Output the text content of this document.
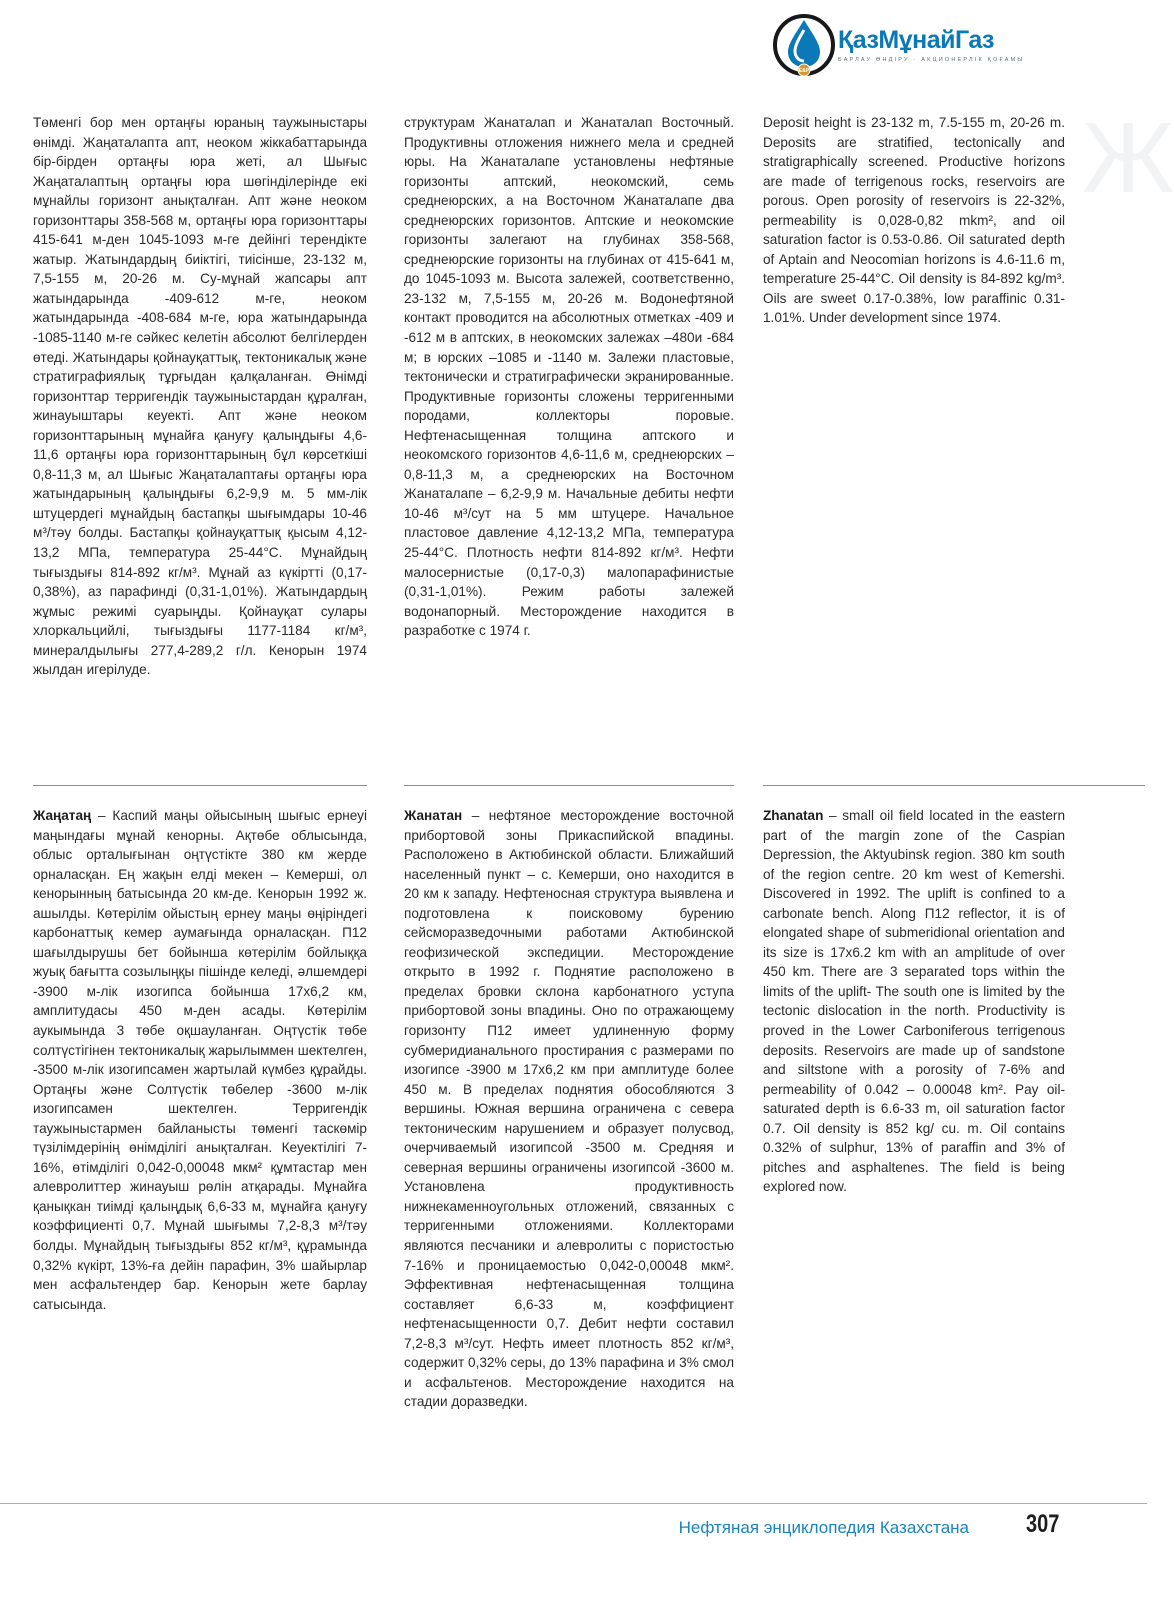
E&P
ҚазМұнайГаз
БАРЛАУ ӨНДІРУ · АКЦИОНЕРЛІК ҚОҒАМЫ
Ж

Төменгі бор мен ортаңғы юраның таужыныстары өнімді. Жаңаталапта апт, неоком жіккабаттарында бір-бірден ортаңғы юра жеті, ал Шығыс Жаңаталаптың ортаңғы юра шөгінділерінде екі мұнайлы горизонт анықталған. Апт және неоком горизонттары 358-568 м, ортаңғы юра горизонттары 415-641 м-ден 1045-1093 м-ге дейінгі терендікте жатыр. Жатындардың биіктігі, тиісінше, 23-132 м, 7,5-155 м, 20-26 м. Су-мұнай жапсары апт жатындарында -409-612 м-ге, неоком жатындарында -408-684 м-ге, юра жатындарында -1085-1140 м-ге сәйкес келетін абсолют белгілерден өтеді. Жатындары қойнауқаттық, тектоникалық және стратиграфиялық тұрғыдан қалқаланған. Өнімді горизонттар терригендік таужыныстардан құралған, жинауыштары кеуекті. Апт және неоком горизонттарының мұнайға қануғу қалыңдығы 4,6-11,6 ортаңғы юра горизонттарының бұл көрсеткіші 0,8-11,3 м, ал Шығыс Жаңаталаптағы ортаңғы юра жатындарының қалыңдығы 6,2-9,9 м. 5 мм-лік штуцердегі мұнайдың бастапқы шығымдары 10-46 м³/тәу болды. Бастапқы қойнауқаттық қысым 4,12-13,2 МПа, температура 25-44°С. Мұнайдың тығыздығы 814-892 кг/м³. Мұнай аз күкіртті (0,17-0,38%), аз парафинді (0,31-1,01%). Жатындардың жұмыс режимі суарыңды. Қойнауқат сулары хлоркальцийлі, тығыздығы 1177-1184 кг/м³, минералдылығы 277,4-289,2 г/л. Кенорын 1974 жылдан игерілуде.

структурам Жанаталап и Жанаталап Восточный. Продуктивны отложения нижнего мела и средней юры. На Жанаталапе установлены нефтяные горизонты аптский, неокомский, семь среднеюрских, а на Восточном Жанаталапе два среднеюрских горизонтов. Аптские и неокомские горизонты залегают на глубинах 358-568, среднеюрские горизонты на глубинах от 415-641 м, до 1045-1093 м. Высота залежей, соответственно, 23-132 м, 7,5-155 м, 20-26 м. Водонефтяной контакт проводится на абсолютных отметках -409 и -612 м в аптских, в неокомских залежах –480и -684 м; в юрских –1085 и -1140 м. Залежи пластовые, тектонически и стратиграфически экранированные. Продуктивные горизонты сложены терригенными породами, коллекторы поровые. Нефтенасыщенная толщина аптского и неокомского горизонтов 4,6-11,6 м, среднеюрских – 0,8-11,3 м, а среднеюрских на Восточном Жанаталапе – 6,2-9,9 м. Начальные дебиты нефти 10-46 м³/сут на 5 мм штуцере. Начальное пластовое давление 4,12-13,2 МПа, температура 25-44°С. Плотность нефти 814-892 кг/м³. Нефти малосернистые (0,17-0,3) малопарафинистые (0,31-1,01%). Режим работы залежей водонапорный. Месторождение находится в разработке с 1974 г.

Deposit height is 23-132 m, 7.5-155 m, 20-26 m. Deposits are stratified, tectonically and stratigraphically screened. Productive horizons are made of terrigenous rocks, reservoirs are porous. Open porosity of reservoirs is 22-32%, permeability is 0,028-0,82 mkm², and oil saturation factor is 0.53-0.86. Oil saturated depth of Aptain and Neocomian horizons is 4.6-11.6 m, temperature 25-44°C. Oil density is 84-892 kg/m³. Oils are sweet 0.17-0.38%, low paraffinic 0.31-1.01%. Under development since 1974.

Жаңатаң – Каспий маңы ойысының шығыс ернеуі маңындағы мұнай кенорны. Ақтөбе облысында, облыс орталығынан оңтүстікте 380 км жерде орналасқан. Ең жақын елді мекен – Кемерші, ол кенорынның батысында 20 км-де. Кенорын 1992 ж. ашылды. Көтерілім ойыстың ернеу маңы өңіріндегі карбонаттық кемер аумағында орналасқан. П12 шағылдырушы бет бойынша көтерілім бойлыққа жуық бағытта созылыңқы пішінде келеді, әлшемдері -3900 м-лік изогипса бойынша 17х6,2 км, амплитудасы 450 м-ден асады. Көтерілім аукымында 3 төбе оқшауланған. Оңтүстік төбе солтүстігінен тектоникалық жарылыммен шектелген, -3500 м-лік изогипсамен жартылай күмбез құрайды. Ортаңғы және Солтүстік төбелер -3600 м-лік изогипсамен шектелген. Терригендік таужыныстармен байланысты төменгі таскөмір түзілімдерінің өнімділігі анықталған. Кеуектілігі 7-16%, өтімділігі 0,042-0,00048 мкм² құмтастар мен алевролиттер жинауыш рөлін атқарады. Мұнайға қанықкан тиімді қалыңдық 6,6-33 м, мұнайға қануғу коэффициенті 0,7. Мұнай шығымы 7,2-8,3 м³/тәу болды. Мұнайдың тығыздығы 852 кг/м³, құрамында 0,32% күкірт, 13%-ға дейін парафин, 3% шайырлар мен асфальтендер бар. Кенорын жете барлау сатысында.

Жанатан – нефтяное месторождение восточной прибортовой зоны Прикаспийской впадины. Расположено в Актюбинской области. Ближайший населенный пункт – с. Кемерши, оно находится в 20 км к западу. Нефтеносная структура выявлена и подготовлена к поисковому бурению сейсморазведочными работами Актюбинской геофизической экспедиции. Месторождение открыто в 1992 г. Поднятие расположено в пределах бровки склона карбонатного уступа прибортовой зоны впадины. Оно по отражающему горизонту П12 имеет удлиненную форму субмеридианального простирания с размерами по изогипсе -3900 м 17х6,2 км при амплитуде более 450 м. В пределах поднятия обособляются 3 вершины. Южная вершина ограничена с севера тектоническим нарушением и образует полусвод, очерчиваемый изогипсой -3500 м. Средняя и северная вершины ограничены изогипсой -3600 м. Установлена продуктивность нижнекаменноугольных отложений, связанных с терригенными отложениями. Коллекторами являются песчаники и алевролиты с пористостью 7-16% и проницаемостью 0,042-0,00048 мкм². Эффективная нефтенасыщенная толщина составляет 6,6-33 м, коэффициент нефтенасыщенности 0,7. Дебит нефти составил 7,2-8,3 м³/сут. Нефть имеет плотность 852 кг/м³, содержит 0,32% серы, до 13% парафина и 3% смол и асфальтенов. Месторождение находится на стадии доразведки.

Zhanatan – small oil field located in the eastern part of the margin zone of the Caspian Depression, the Aktyubinsk region. 380 km south of the region centre. 20 km west of Kemershi. Discovered in 1992. The uplift is confined to a carbonate bench. Along П12 reflector, it is of elongated shape of submeridional orientation and its size is 17x6.2 km with an amplitude of over 450 km. There are 3 separated tops within the limits of the uplift- The south one is limited by the tectonic dislocation in the north. Productivity is proved in the Lower Carboniferous terrigenous deposits. Reservoirs are made up of sandstone and siltstone with a porosity of 7-6% and permeability of 0.042 – 0.00048 km². Pay oil-saturated depth is 6.6-33 m, oil saturation factor 0.7. Oil density is 852 kg/ cu. m. Oil contains 0.32% of sulphur, 13% of paraffin and 3% of pitches and asphaltenes. The field is being explored now.

Нефтяная энциклопедия Казахстана 307
